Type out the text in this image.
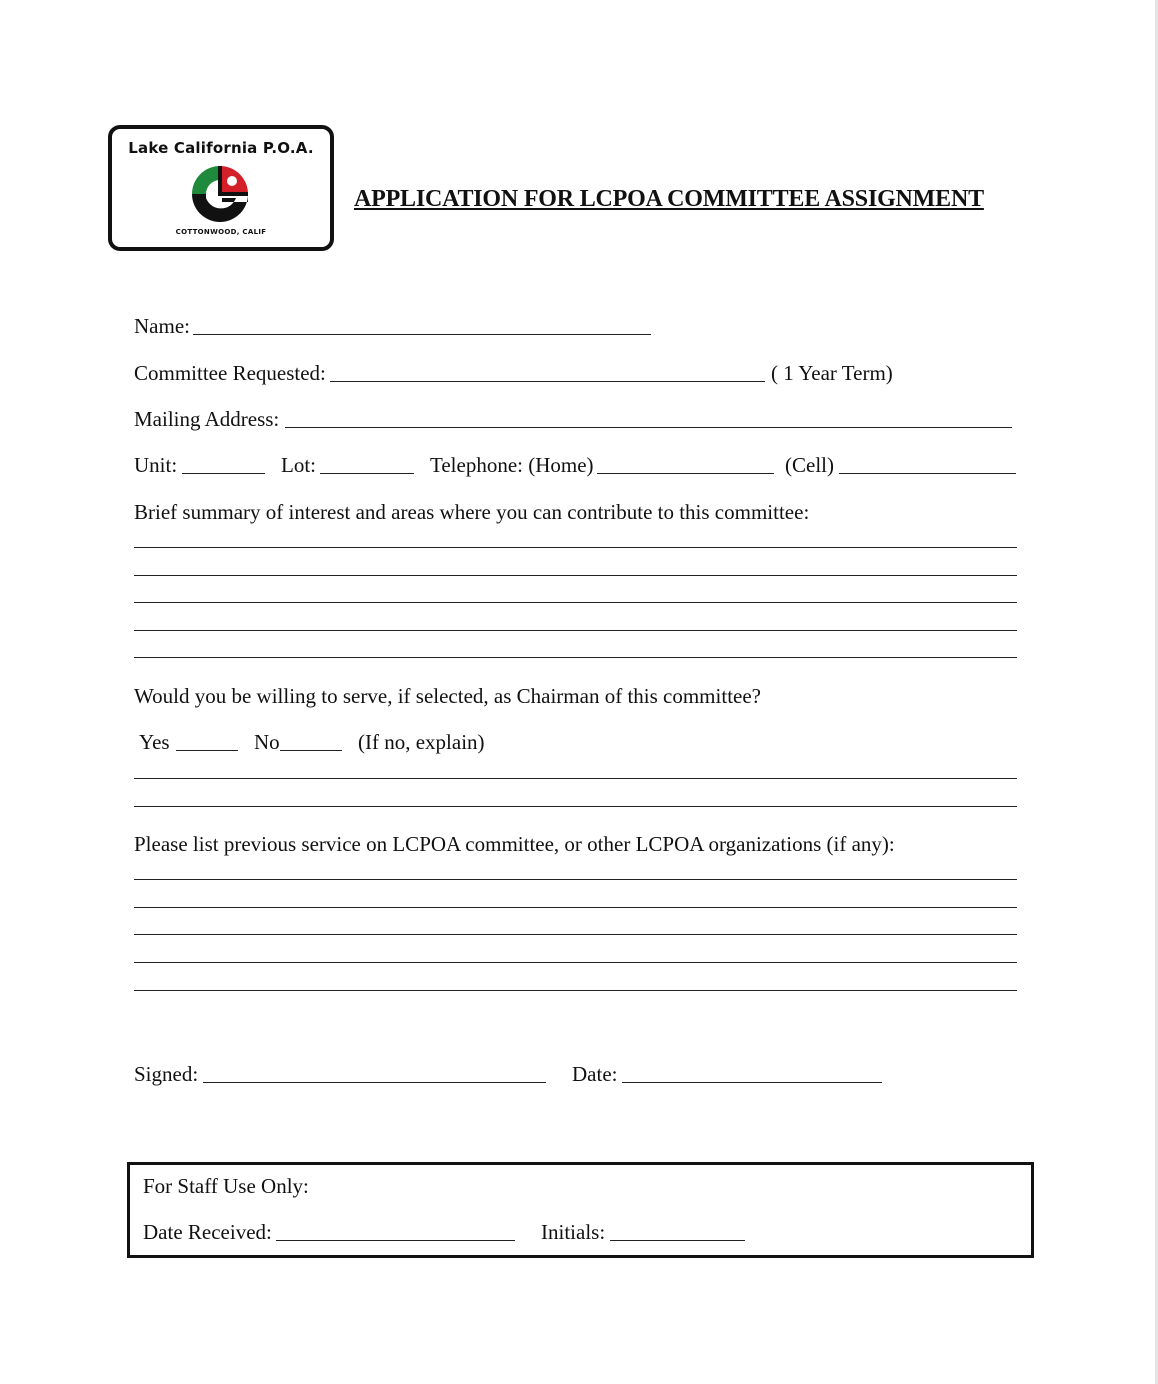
Lake California P.O.A.
COTTONWOOD, CALIF
APPLICATION FOR LCPOA COMMITTEE ASSIGNMENT
Name:
Committee Requested:	( 1 Year Term)
Mailing Address:
Unit:	Lot:	Telephone: (Home)	(Cell)
Brief summary of interest and areas where you can contribute to this committee:
Would you be willing to serve, if selected, as Chairman of this committee?
Yes	No	(If no, explain)
Please list previous service on LCPOA committee, or other LCPOA organizations (if any):
Signed:	Date:
For Staff Use Only:
Date Received:	Initials:
